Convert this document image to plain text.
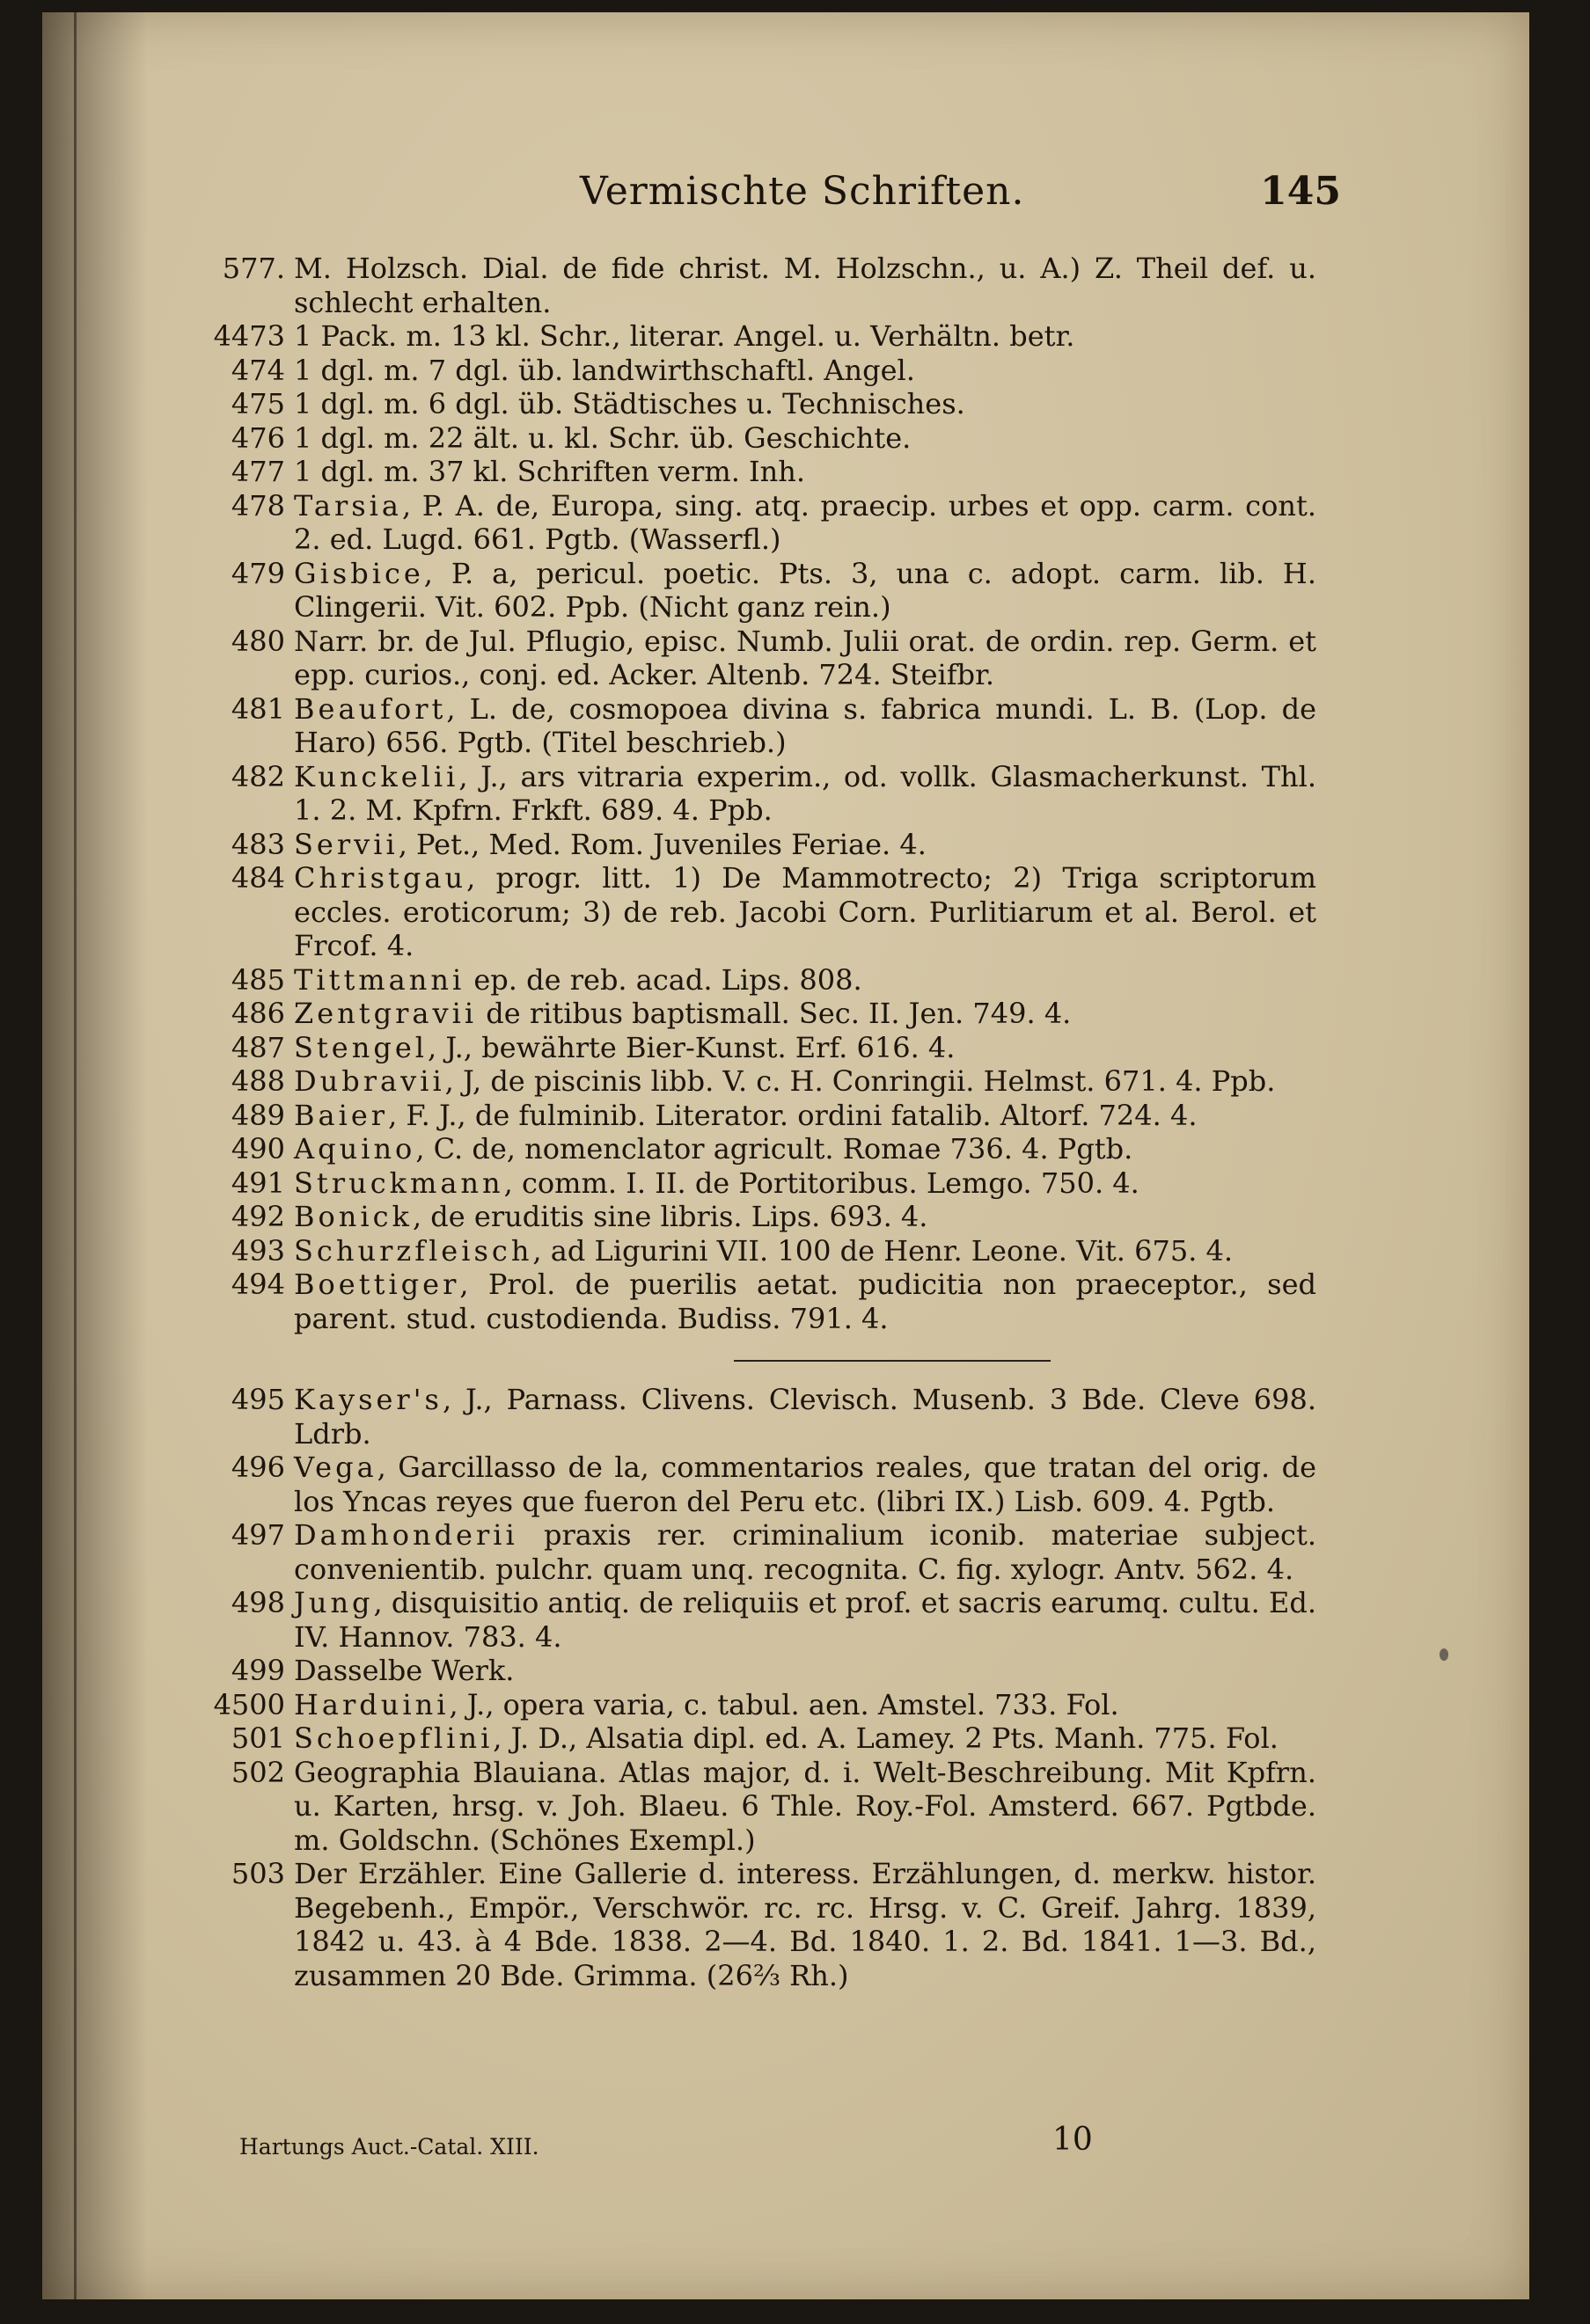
Vermischte Schriften.	145
577. M. Holzsch. Dial. de fide christ. M. Holzschn., u. A.) Z. Theil def. u. schlecht erhalten.
4473 1 Pack. m. 13 kl. Schr., literar. Angel. u. Verhältn. betr.
474 1 dgl. m. 7 dgl. üb. landwirthschaftl. Angel.
475 1 dgl. m. 6 dgl. üb. Städtisches u. Technisches.
476 1 dgl. m. 22 ält. u. kl. Schr. üb. Geschichte.
477 1 dgl. m. 37 kl. Schriften verm. Inh.
478 Tarsia, P. A. de, Europa, sing. atq. praecip. urbes et opp. carm. cont. 2. ed. Lugd. 661. Pgtb. (Wasserfl.)
479 Gisbice, P. a, pericul. poetic. Pts. 3, una c. adopt. carm. lib. H. Clingerii. Vit. 602. Ppb. (Nicht ganz rein.)
480 Narr. br. de Jul. Pflugio, episc. Numb. Julii orat. de ordin. rep. Germ. et epp. curios., conj. ed. Acker. Altenb. 724. Steifbr.
481 Beaufort, L. de, cosmopoea divina s. fabrica mundi. L. B. (Lop. de Haro) 656. Pgtb. (Titel beschrieb.)
482 Kunckelii, J., ars vitraria experim., od. vollk. Glasmacherkunst. Thl. 1. 2. M. Kpfrn. Frkft. 689. 4. Ppb.
483 Servii, Pet., Med. Rom. Juveniles Feriae. 4.
484 Christgau, progr. litt. 1) De Mammotrecto; 2) Triga scriptorum eccles. eroticorum; 3) de reb. Jacobi Corn. Purlitiarum et al. Berol. et Frcof. 4.
485 Tittmanni ep. de reb. acad. Lips. 808.
486 Zentgravii de ritibus baptismall. Sec. II. Jen. 749. 4.
487 Stengel, J., bewährte Bier-Kunst. Erf. 616. 4.
488 Dubravii, J, de piscinis libb. V. c. H. Conringii. Helmst. 671. 4. Ppb.
489 Baier, F. J., de fulminib. Literator. ordini fatalib. Altorf. 724. 4.
490 Aquino, C. de, nomenclator agricult. Romae 736. 4. Pgtb.
491 Struckmann, comm. I. II. de Portitoribus. Lemgo. 750. 4.
492 Bonick, de eruditis sine libris. Lips. 693. 4.
493 Schurzfleisch, ad Ligurini VII. 100 de Henr. Leone. Vit. 675. 4.
494 Boettiger, Prol. de puerilis aetat. pudicitia non praeceptor., sed parent. stud. custodienda. Budiss. 791. 4.
495 Kayser's, J., Parnass. Clivens. Clevisch. Musenb. 3 Bde. Cleve 698. Ldrb.
496 Vega, Garcillasso de la, commentarios reales, que tratan del orig. de los Yncas reyes que fueron del Peru etc. (libri IX.) Lisb. 609. 4. Pgtb.
497 Damhonderii praxis rer. criminalium iconib. materiae subject. convenientib. pulchr. quam unq. recognita. C. fig. xylogr. Antv. 562. 4.
498 Jung, disquisitio antiq. de reliquiis et prof. et sacris earumq. cultu. Ed. IV. Hannov. 783. 4.
499 Dasselbe Werk.
4500 Harduini, J., opera varia, c. tabul. aen. Amstel. 733. Fol.
501 Schoepflini, J. D., Alsatia dipl. ed. A. Lamey. 2 Pts. Manh. 775. Fol.
502 Geographia Blauiana. Atlas major, d. i. Welt-Beschreibung. Mit Kpfrn. u. Karten, hrsg. v. Joh. Blaeu. 6 Thle. Roy.-Fol. Amsterd. 667. Pgtbde. m. Goldschn. (Schönes Exempl.)
503 Der Erzähler. Eine Gallerie d. interess. Erzählungen, d. merkw. histor. Begebenh., Empör., Verschwör. rc. rc. Hrsg. v. C. Greif. Jahrg. 1839, 1842 u. 43. à 4 Bde. 1838. 2—4. Bd. 1840. 1. 2. Bd. 1841. 1—3. Bd., zusammen 20 Bde. Grimma. (26⅔ Rh.)
Hartungs Auct.-Catal. XIII.	10
